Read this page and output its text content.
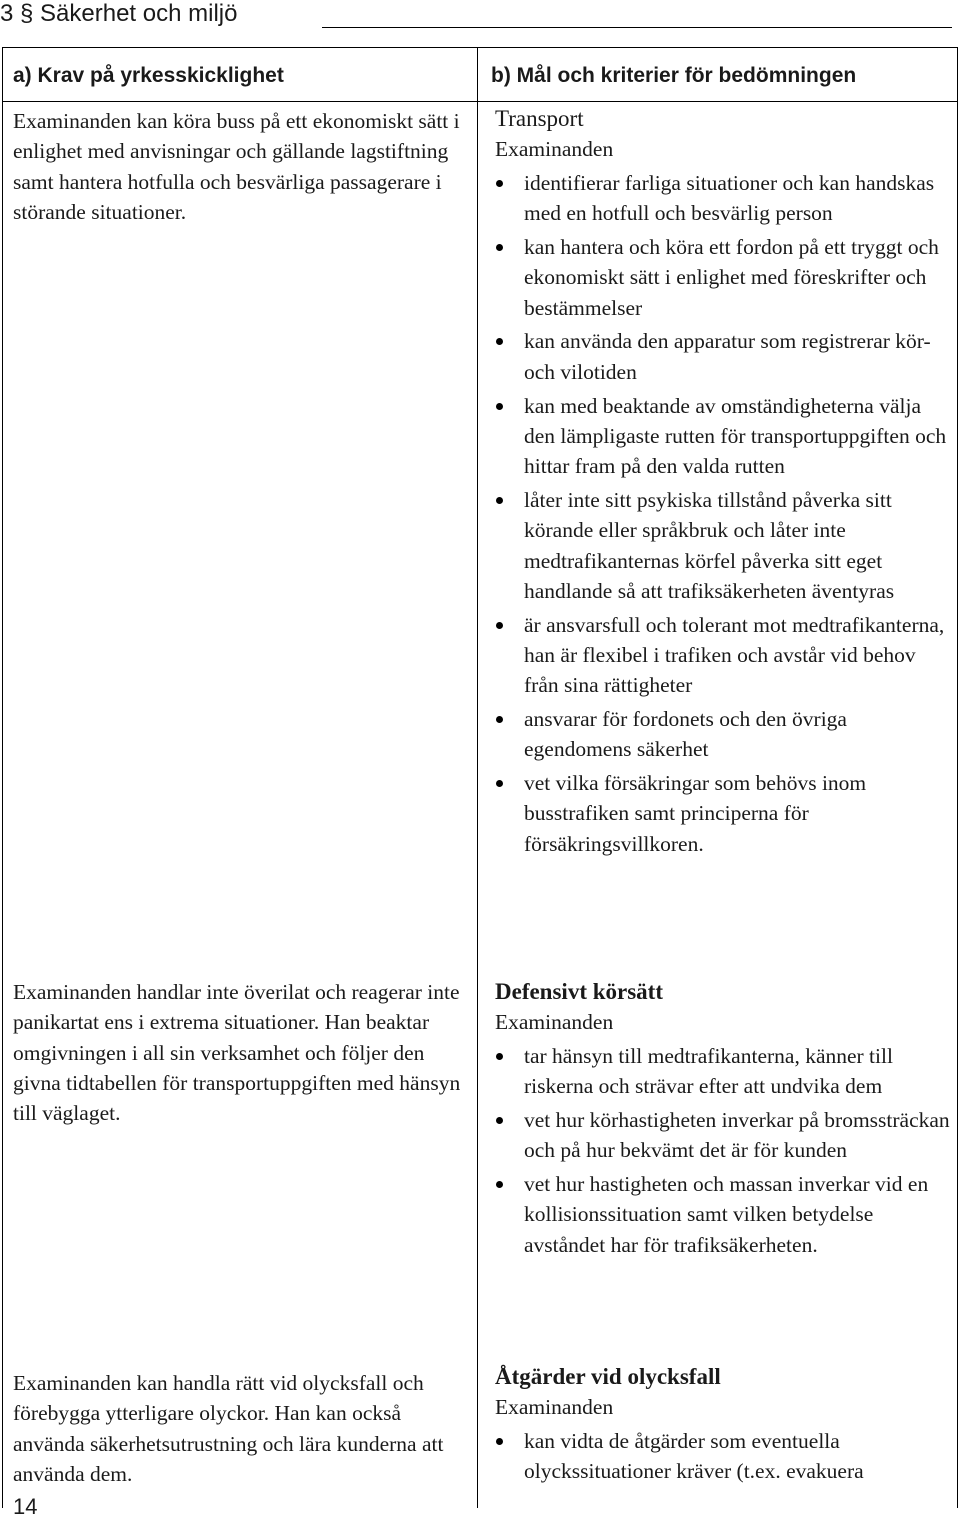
3 § Säkerhet och miljö
a) Krav på yrkesskicklighet	b) Mål och kriterier för bedömningen
Examinanden kan köra buss på ett ekonomiskt sätt i enlighet med anvisningar och gällande lagstiftning samt hantera hotfulla och besvärliga passagerare i störande situationer.
Examinanden handlar inte överilat och reagerar inte panikartat ens i extrema situationer. Han beaktar omgivningen i all sin verksamhet och följer den givna tidtabellen för transportuppgiften med hänsyn till väglaget.
Examinanden kan handla rätt vid olycksfall och förebygga ytterligare olyckor. Han kan också använda säkerhetsutrustning och lära kunderna att använda dem.
Transport
Examinanden
identifierar farliga situationer och kan handskas med en hotfull och besvärlig person
kan hantera och köra ett fordon på ett tryggt och ekonomiskt sätt i enlighet med föreskrifter och bestämmelser
kan använda den apparatur som registrerar kör- och vilotiden
kan med beaktande av omständigheterna välja den lämpligaste rutten för transportuppgiften och hittar fram på den valda rutten
låter inte sitt psykiska tillstånd påverka sitt körande eller språkbruk och låter inte medtrafikanternas körfel påverka sitt eget handlande så att trafiksäkerheten äventyras
är ansvarsfull och tolerant mot medtrafikanterna, han är flexibel i trafiken och avstår vid behov från sina rättigheter
ansvarar för fordonets och den övriga egendomens säkerhet
vet vilka försäkringar som behövs inom busstrafiken samt principerna för försäkringsvillkoren.
Defensivt körsätt
Examinanden
tar hänsyn till medtrafikanterna, känner till riskerna och strävar efter att undvika dem
vet hur körhastigheten inverkar på bromssträckan och på hur bekvämt det är för kunden
vet hur hastigheten och massan inverkar vid en kollisionssituation samt vilken betydelse avståndet har för trafiksäkerheten.
Åtgärder vid olycksfall
Examinanden
kan vidta de åtgärder som eventuella olyckssituationer kräver (t.ex. evakuera
14
